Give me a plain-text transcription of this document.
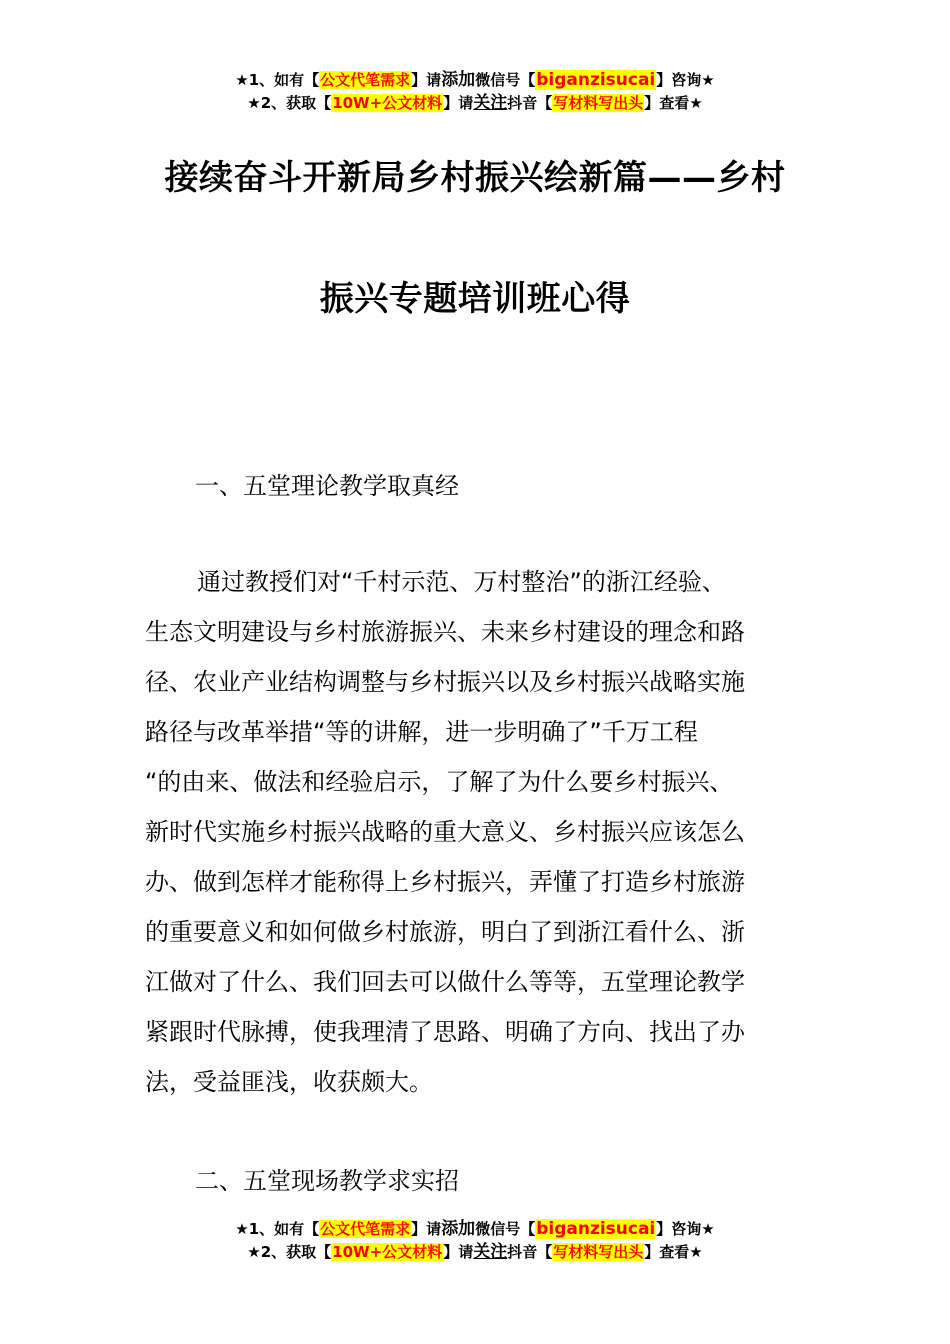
★1、如有【公文代笔需求】请添加微信号【biganzisucai】咨询★
★2、获取【10W+公文材料】请关注抖音【写材料写出头】查看★
接续奋斗开新局乡村振兴绘新篇——乡村
振兴专题培训班心得
一、五堂理论教学取真经
通过教授们对“千村示范、万村整治”的浙江经验、
生态文明建设与乡村旅游振兴、未来乡村建设的理念和路
径、农业产业结构调整与乡村振兴以及乡村振兴战略实施
路径与改革举措“等的讲解，进一步明确了”千万工程
“的由来、做法和经验启示，了解了为什么要乡村振兴、
新时代实施乡村振兴战略的重大意义、乡村振兴应该怎么
办、做到怎样才能称得上乡村振兴，弄懂了打造乡村旅游
的重要意义和如何做乡村旅游，明白了到浙江看什么、浙
江做对了什么、我们回去可以做什么等等，五堂理论教学
紧跟时代脉搏，使我理清了思路、明确了方向、找出了办
法，受益匪浅，收获颇大。
二、五堂现场教学求实招
★1、如有【公文代笔需求】请添加微信号【biganzisucai】咨询★
★2、获取【10W+公文材料】请关注抖音【写材料写出头】查看★
